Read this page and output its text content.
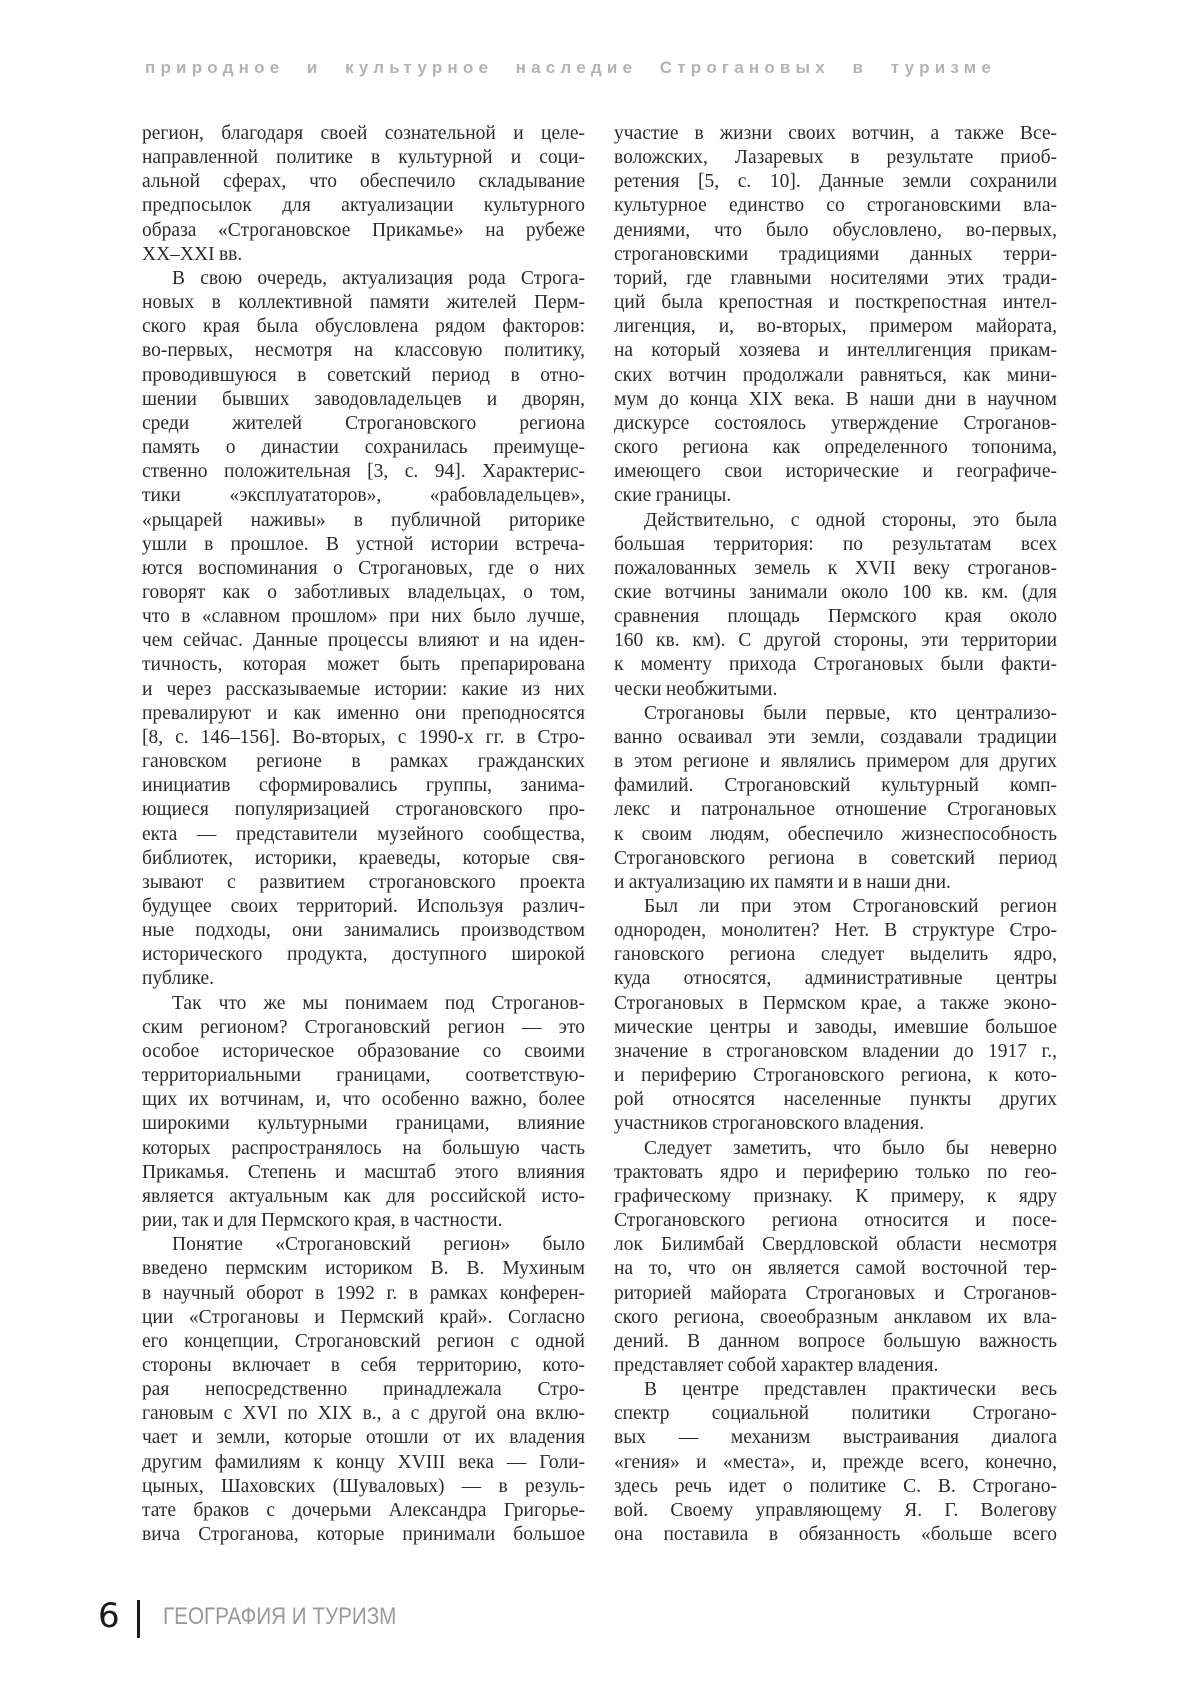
природное и культурное наследие Строгановых в туризме
регион, благодаря своей сознательной и целе-
направленной политике в культурной и соци-
альной сферах, что обеспечило складывание
предпосылок для актуализации культурного
образа «Строгановское Прикамье» на рубеже
XX–XXI вв.
В свою очередь, актуализация рода Строга-
новых в коллективной памяти жителей Перм-
ского края была обусловлена рядом факторов:
во-первых, несмотря на классовую политику,
проводившуюся в советский период в отно-
шении бывших заводовладельцев и дворян,
среди жителей Строгановского региона
память о династии сохранилась преимуще-
ственно положительная [3, с. 94]. Характерис-
тики «эксплуататоров», «рабовладельцев»,
«рыцарей наживы» в публичной риторике
ушли в прошлое. В устной истории встреча-
ются воспоминания о Строгановых, где о них
говорят как о заботливых владельцах, о том,
что в «славном прошлом» при них было лучше,
чем сейчас. Данные процессы влияют и на иден-
тичность, которая может быть препарирована
и через рассказываемые истории: какие из них
превалируют и как именно они преподносятся
[8, с. 146–156]. Во-вторых, с 1990-х гг. в Стро-
гановском регионе в рамках гражданских
инициатив сформировались группы, занима-
ющиеся популяризацией строгановского про-
екта — представители музейного сообщества,
библиотек, историки, краеведы, которые свя-
зывают с развитием строгановского проекта
будущее своих территорий. Используя различ-
ные подходы, они занимались производством
исторического продукта, доступного широкой
публике.
Так что же мы понимаем под Строганов-
ским регионом? Строгановский регион — это
особое историческое образование со своими
территориальными границами, соответствую-
щих их вотчинам, и, что особенно важно, более
широкими культурными границами, влияние
которых распространялось на большую часть
Прикамья. Степень и масштаб этого влияния
является актуальным как для российской исто-
рии, так и для Пермского края, в частности.
Понятие «Строгановский регион» было
введено пермским историком В. В. Мухиным
в научный оборот в 1992 г. в рамках конферен-
ции «Строгановы и Пермский край». Согласно
его концепции, Строгановский регион с одной
стороны включает в себя территорию, кото-
рая непосредственно принадлежала Стро-
гановым с XVI по XIX в., а с другой она вклю-
чает и земли, которые отошли от их владения
другим фамилиям к концу XVIII века — Голи-
цыных, Шаховских (Шуваловых) — в резуль-
тате браков с дочерьми Александра Григорье-
вича Строганова, которые принимали большое
участие в жизни своих вотчин, а также Все-
воложских, Лазаревых в результате приоб-
ретения [5, с. 10]. Данные земли сохранили
культурное единство со строгановскими вла-
дениями, что было обусловлено, во-первых,
строгановскими традициями данных терри-
торий, где главными носителями этих тради-
ций была крепостная и посткрепостная интел-
лигенция, и, во-вторых, примером майората,
на который хозяева и интеллигенция прикам-
ских вотчин продолжали равняться, как мини-
мум до конца XIX века. В наши дни в научном
дискурсе состоялось утверждение Строганов-
ского региона как определенного топонима,
имеющего свои исторические и географиче-
ские границы.
Действительно, с одной стороны, это была
большая территория: по результатам всех
пожалованных земель к XVII веку строганов-
ские вотчины занимали около 100 кв. км. (для
сравнения площадь Пермского края около
160 кв. км). С другой стороны, эти территории
к моменту прихода Строгановых были факти-
чески необжитыми.
Строгановы были первые, кто централизо-
ванно осваивал эти земли, создавали традиции
в этом регионе и являлись примером для других
фамилий. Строгановский культурный комп-
лекс и патрональное отношение Строгановых
к своим людям, обеспечило жизнеспособность
Строгановского региона в советский период
и актуализацию их памяти и в наши дни.
Был ли при этом Строгановский регион
однороден, монолитен? Нет. В структуре Стро-
гановского региона следует выделить ядро,
куда относятся, административные центры
Строгановых в Пермском крае, а также эконо-
мические центры и заводы, имевшие большое
значение в строгановском владении до 1917 г.,
и периферию Строгановского региона, к кото-
рой относятся населенные пункты других
участников строгановского владения.
Следует заметить, что было бы неверно
трактовать ядро и периферию только по гео-
графическому признаку. К примеру, к ядру
Строгановского региона относится и посе-
лок Билимбай Свердловской области несмотря
на то, что он является самой восточной тер-
риторией майората Строгановых и Строганов-
ского региона, своеобразным анклавом их вла-
дений. В данном вопросе большую важность
представляет собой характер владения.
В центре представлен практически весь
спектр социальной политики Строгано-
вых — механизм выстраивания диалога
«гения» и «места», и, прежде всего, конечно,
здесь речь идет о политике С. В. Строгано-
вой. Своему управляющему Я. Г. Волегову
она поставила в обязанность «больше всего
6 ГЕОГРАФИЯ И ТУРИЗМ
